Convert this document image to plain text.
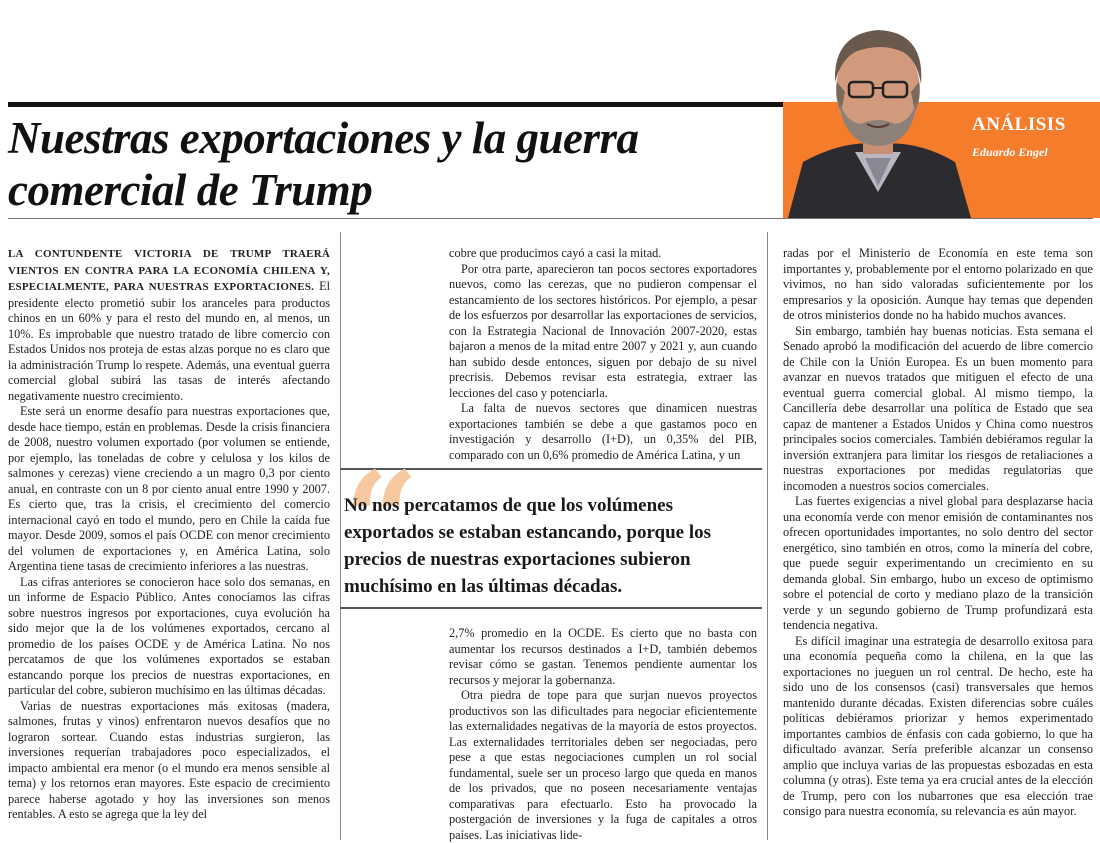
Nuestras exportaciones y la guerra comercial de Trump
ANÁLISIS
Eduardo Engel

LA CONTUNDENTE VICTORIA DE TRUMP TRAERÁ VIENTOS EN CONTRA PARA LA ECONOMÍA CHILENA Y, ESPECIALMENTE, PARA NUESTRAS EXPORTACIONES. El presidente electo prometió subir los aranceles para productos chinos en un 60% y para el resto del mundo en, al menos, un 10%. Es improbable que nuestro tratado de libre comercio con Estados Unidos nos proteja de estas alzas porque no es claro que la administración Trump lo respete. Además, una eventual guerra comercial global subirá las tasas de interés afectando negativamente nuestro crecimiento.

Este será un enorme desafío para nuestras exportaciones que, desde hace tiempo, están en problemas. Desde la crisis financiera de 2008, nuestro volumen exportado (por volumen se entiende, por ejemplo, las toneladas de cobre y celulosa y los kilos de salmones y cerezas) viene creciendo a un magro 0,3 por ciento anual, en contraste con un 8 por ciento anual entre 1990 y 2007. Es cierto que, tras la crisis, el crecimiento del comercio internacional cayó en todo el mundo, pero en Chile la caída fue mayor. Desde 2009, somos el país OCDE con menor crecimiento del volumen de exportaciones y, en América Latina, solo Argentina tiene tasas de crecimiento inferiores a las nuestras.

Las cifras anteriores se conocieron hace solo dos semanas, en un informe de Espacio Público. Antes conocíamos las cifras sobre nuestros ingresos por exportaciones, cuya evolución ha sido mejor que la de los volúmenes exportados, cercano al promedio de los países OCDE y de América Latina. No nos percatamos de que los volúmenes exportados se estaban estancando porque los precios de nuestras exportaciones, en particular del cobre, subieron muchísimo en las últimas décadas.

Varias de nuestras exportaciones más exitosas (madera, salmones, frutas y vinos) enfrentaron nuevos desafíos que no lograron sortear. Cuando estas industrias surgieron, las inversiones requerían trabajadores poco especializados, el impacto ambiental era menor (o el mundo era menos sensible al tema) y los retornos eran mayores. Este espacio de crecimiento parece haberse agotado y hoy las inversiones son menos rentables. A esto se agrega que la ley del

cobre que producimos cayó a casi la mitad.

Por otra parte, aparecieron tan pocos sectores exportadores nuevos, como las cerezas, que no pudieron compensar el estancamiento de los sectores históricos. Por ejemplo, a pesar de los esfuerzos por desarrollar las exportaciones de servicios, con la Estrategia Nacional de Innovación 2007-2020, estas bajaron a menos de la mitad entre 2007 y 2021 y, aun cuando han subido desde entonces, siguen por debajo de su nivel precrisis. Debemos revisar esta estrategia, extraer las lecciones del caso y potenciarla.

La falta de nuevos sectores que dinamicen nuestras exportaciones también se debe a que gastamos poco en investigación y desarrollo (I+D), un 0,35% del PIB, comparado con un 0,6% promedio de América Latina, y un

“

No nos percatamos de que los volúmenes exportados se estaban estancando, porque los precios de nuestras exportaciones subieron muchísimo en las últimas décadas.

2,7% promedio en la OCDE. Es cierto que no basta con aumentar los recursos destinados a I+D, también debemos revisar cómo se gastan. Tenemos pendiente aumentar los recursos y mejorar la gobernanza.

Otra piedra de tope para que surjan nuevos proyectos productivos son las dificultades para negociar eficientemente las externalidades negativas de la mayoría de estos proyectos. Las externalidades territoriales deben ser negociadas, pero pese a que estas negociaciones cumplen un rol social fundamental, suele ser un proceso largo que queda en manos de los privados, que no poseen necesariamente ventajas comparativas para efectuarlo. Esto ha provocado la postergación de inversiones y la fuga de capitales a otros países. Las iniciativas lide-

radas por el Ministerio de Economía en este tema son importantes y, probablemente por el entorno polarizado en que vivimos, no han sido valoradas suficientemente por los empresarios y la oposición. Aunque hay temas que dependen de otros ministerios donde no ha habido muchos avances.

Sin embargo, también hay buenas noticias. Esta semana el Senado aprobó la modificación del acuerdo de libre comercio de Chile con la Unión Europea. Es un buen momento para avanzar en nuevos tratados que mitiguen el efecto de una eventual guerra comercial global. Al mismo tiempo, la Cancillería debe desarrollar una política de Estado que sea capaz de mantener a Estados Unidos y China como nuestros principales socios comerciales. También debiéramos regular la inversión extranjera para limitar los riesgos de retaliaciones a nuestras exportaciones por medidas regulatorias que incomoden a nuestros socios comerciales.

Las fuertes exigencias a nivel global para desplazarse hacia una economía verde con menor emisión de contaminantes nos ofrecen oportunidades importantes, no solo dentro del sector energético, sino también en otros, como la minería del cobre, que puede seguir experimentando un crecimiento en su demanda global. Sin embargo, hubo un exceso de optimismo sobre el potencial de corto y mediano plazo de la transición verde y un segundo gobierno de Trump profundizará esta tendencia negativa.

Es difícil imaginar una estrategia de desarrollo exitosa para una economía pequeña como la chilena, en la que las exportaciones no jueguen un rol central. De hecho, este ha sido uno de los consensos (casi) transversales que hemos mantenido durante décadas. Existen diferencias sobre cuáles políticas debiéramos priorizar y hemos experimentado importantes cambios de énfasis con cada gobierno, lo que ha dificultado avanzar. Sería preferible alcanzar un consenso amplio que incluya varias de las propuestas esbozadas en esta columna (y otras). Este tema ya era crucial antes de la elección de Trump, pero con los nubarrones que esa elección trae consigo para nuestra economía, su relevancia es aún mayor.
